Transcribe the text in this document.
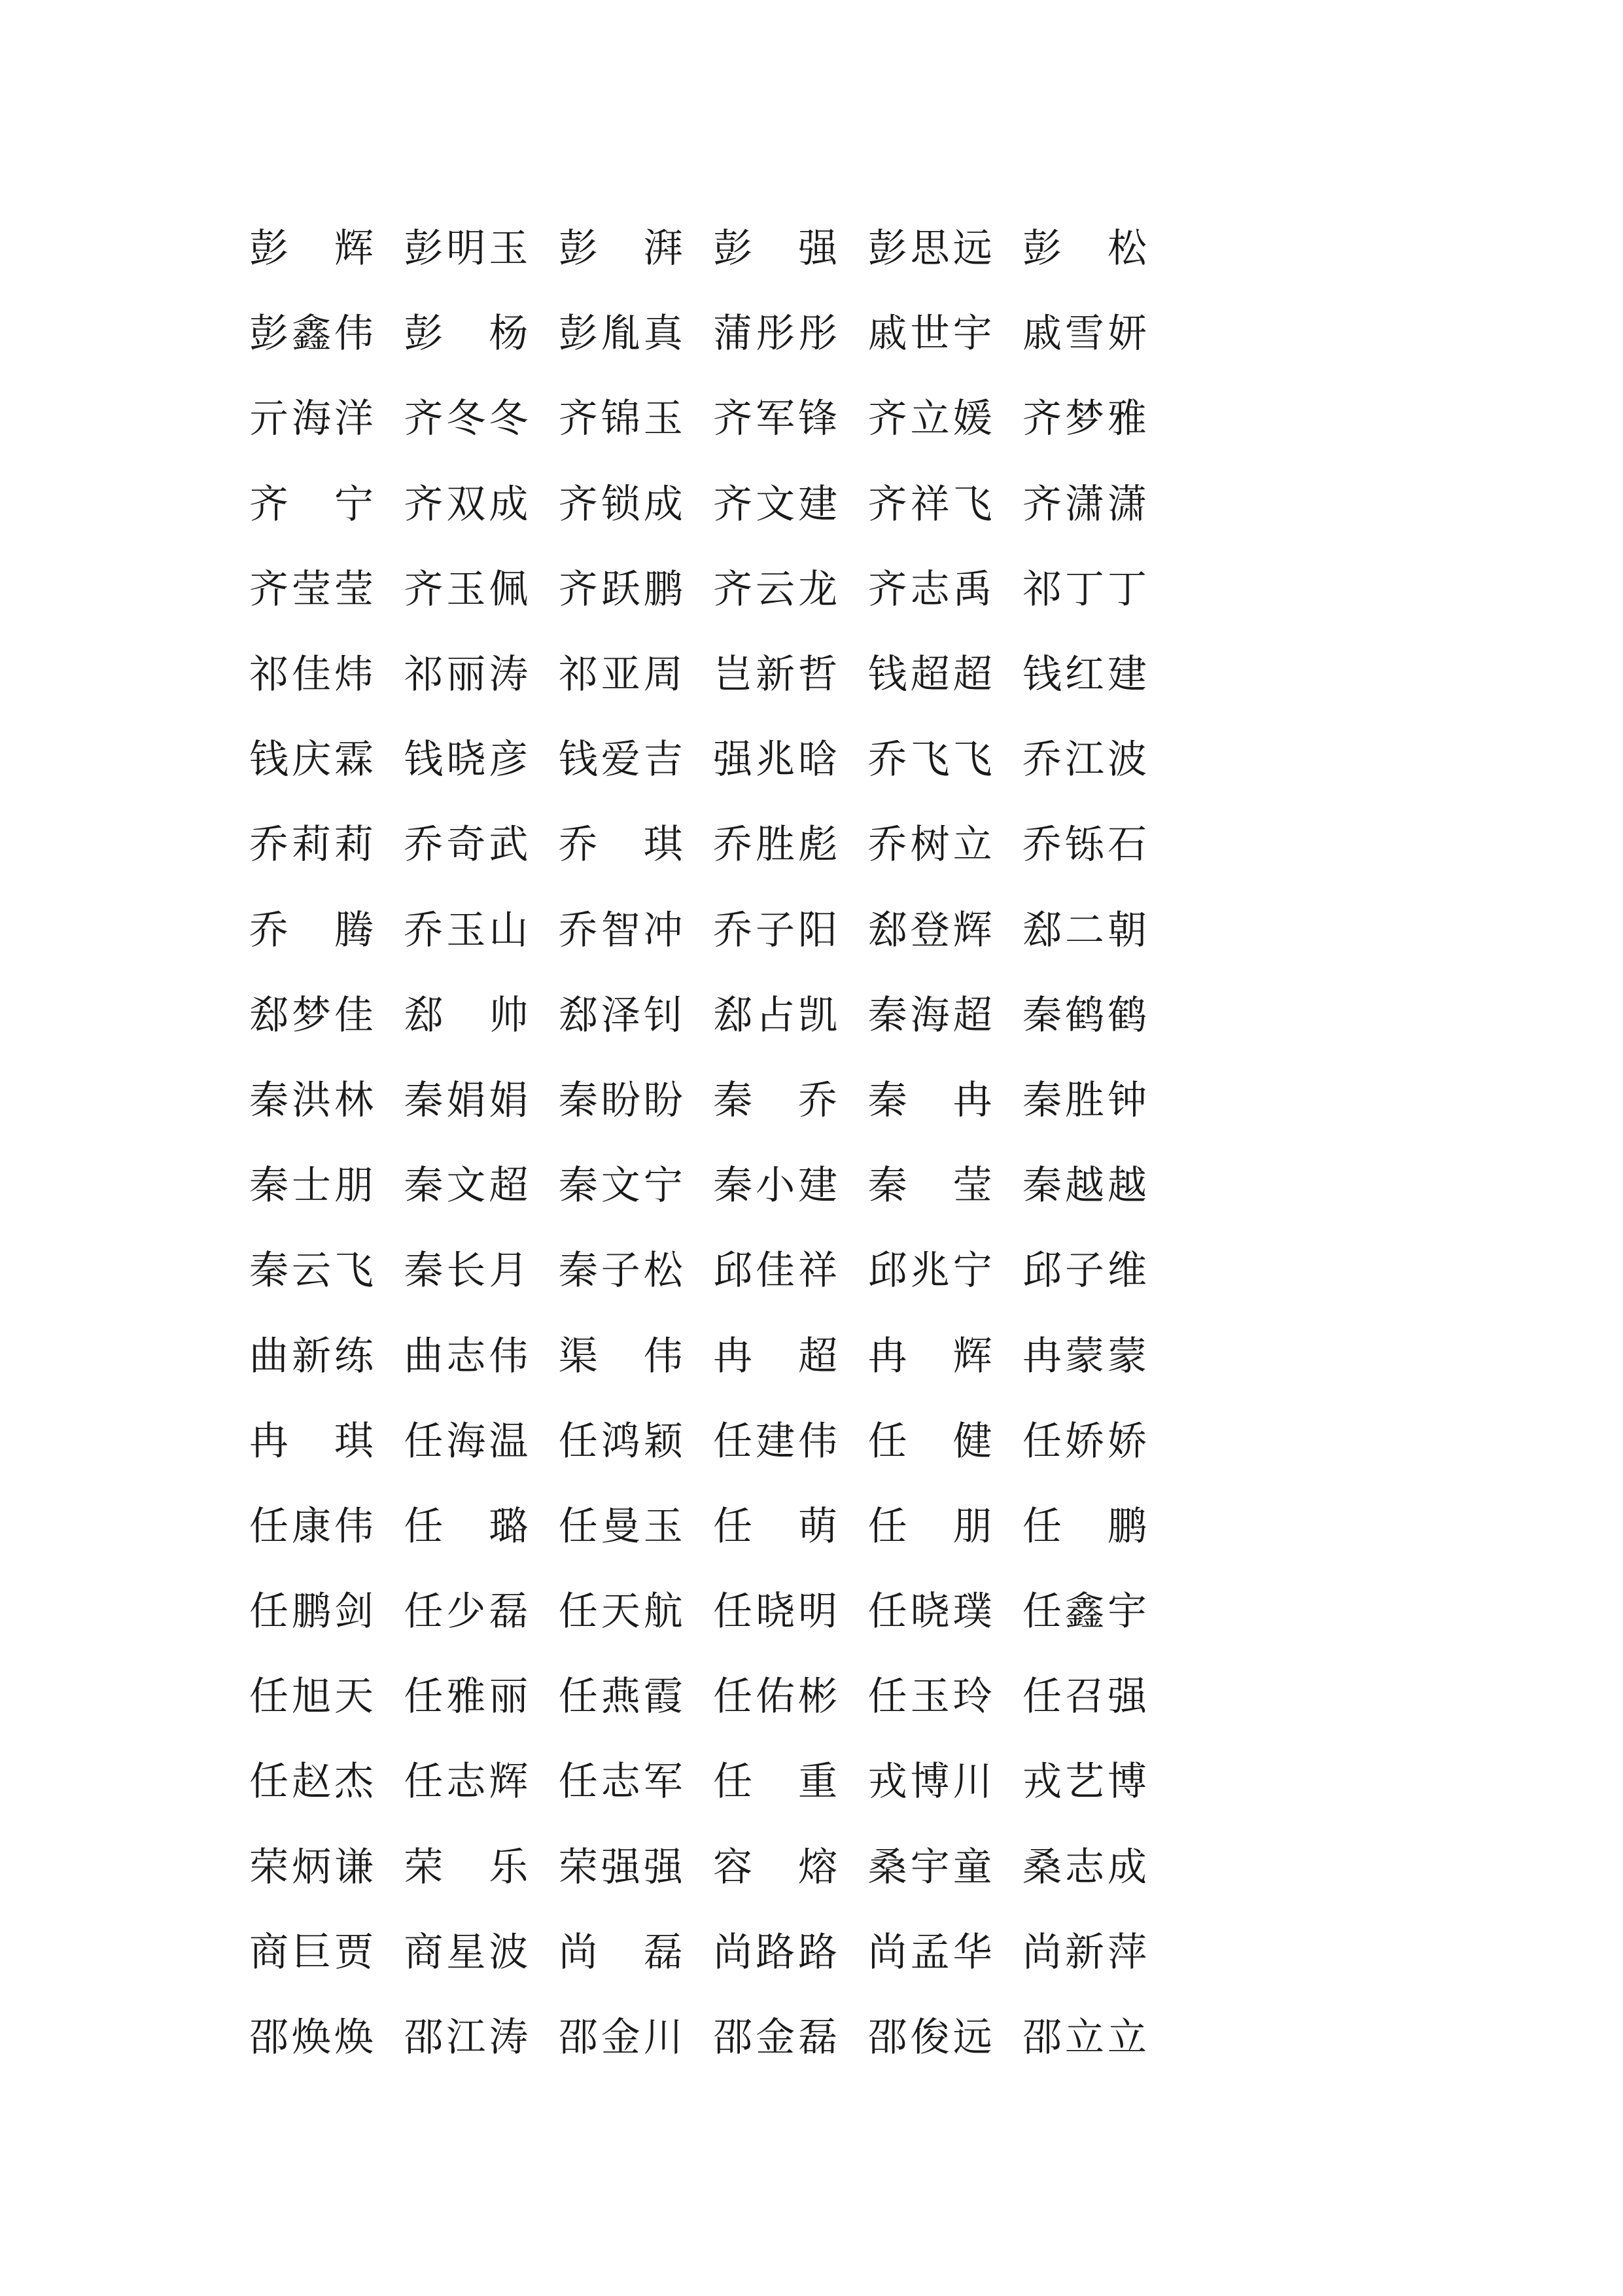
彭 辉 彭 明 玉 彭 湃 彭 强 彭 思 远 彭 松
彭 鑫 伟 彭 杨 彭 胤 真 蒲 彤 彤 戚 世 宇 戚 雪 妍
亓 海 洋 齐 冬 冬 齐 锦 玉 齐 军 锋 齐 立 媛 齐 梦 雅
齐 宁 齐 双 成 齐 锁 成 齐 文 建 齐 祥 飞 齐 潇 潇
齐 莹 莹 齐 玉 佩 齐 跃 鹏 齐 云 龙 齐 志 禹 祁 丁 丁
祁 佳 炜 祁 丽 涛 祁 亚 周 岂 新 哲 钱 超 超 钱 红 建
钱 庆 霖 钱 晓 彦 钱 爱 吉 强 兆 晗 乔 飞 飞 乔 江 波
乔 莉 莉 乔 奇 武 乔 琪 乔 胜 彪 乔 树 立 乔 铄 石
乔 腾 乔 玉 山 乔 智 冲 乔 子 阳 郄 登 辉 郄 二 朝
郄 梦 佳 郄 帅 郄 泽 钊 郄 占 凯 秦 海 超 秦 鹤 鹤
秦 洪 林 秦 娟 娟 秦 盼 盼 秦 乔 秦 冉 秦 胜 钟
秦 士 朋 秦 文 超 秦 文 宁 秦 小 建 秦 莹 秦 越 越
秦 云 飞 秦 长 月 秦 子 松 邱 佳 祥 邱 兆 宁 邱 子 维
曲 新 练 曲 志 伟 渠 伟 冉 超 冉 辉 冉 蒙 蒙
冉 琪 任 海 温 任 鸿 颖 任 建 伟 任 健 任 娇 娇
任 康 伟 任 璐 任 曼 玉 任 萌 任 朋 任 鹏
任 鹏 剑 任 少 磊 任 天 航 任 晓 明 任 晓 璞 任 鑫 宇
任 旭 天 任 雅 丽 任 燕 霞 任 佑 彬 任 玉 玲 任 召 强
任 赵 杰 任 志 辉 任 志 军 任 重 戎 博 川 戎 艺 博
荣 炳 谦 荣 乐 荣 强 强 容 熔 桑 宇 童 桑 志 成
商 巨 贾 商 星 波 尚 磊 尚 路 路 尚 孟 华 尚 新 萍
邵 焕 焕 邵 江 涛 邵 金 川 邵 金 磊 邵 俊 远 邵 立 立
